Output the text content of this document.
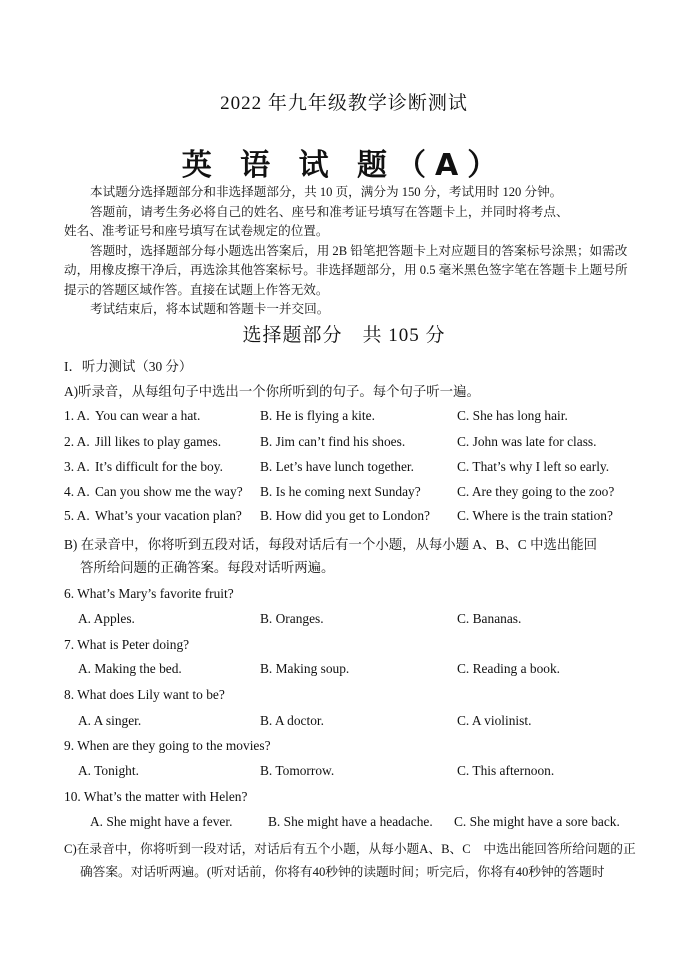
2022 年九年级教学诊断测试
英 语 试 题（A）

本试题分选择题部分和非选择题部分，共 10 页，满分为 150 分，考试用时 120 分钟。

答题前，请考生务必将自己的姓名、座号和准考证号填写在答题卡上，并同时将考点、

姓名、准考证号和座号填写在试卷规定的位置。

答题时，选择题部分每小题选出答案后，用 2B 铅笔把答题卡上对应题目的答案标号涂黑；如需改动，用橡皮擦干净后，再选涂其他答案标号。非选择题部分，用 0.5 毫米黑色签字笔在答题卡上题号所提示的答题区域作答。直接在试题上作答无效。

考试结束后，将本试题和答题卡一并交回。

选择题部分　共 105 分
I．听力测试（30 分）
A)听录音，从每组句子中选出一个你所听到的句子。每个句子听一遍。
1. A. You can wear a hat.	B. He is flying a kite.	C. She has long hair.
2. A. Jill likes to play games.	B. Jim can’t find his shoes.	C. John was late for class.
3. A. It’s difficult for the boy.	B. Let’s have lunch together.	C. That’s why I left so early.
4. A. Can you show me the way? B. Is he coming next Sunday?	C. Are they going to the zoo?
5. A. What’s your vacation plan? B. How did you get to London? C. Where is the train station?
B) 在录音中，你将听到五段对话，每段对话后有一个小题，从每小题 A、B、C 中选出能回
答所给问题的正确答案。每段对话听两遍。
6. What’s Mary’s favorite fruit?
A. Apples.	B. Oranges.	C. Bananas.
7. What is Peter doing?
A. Making the bed.	B. Making soup.	C. Reading a book.
8. What does Lily want to be?
A. A singer.	B. A doctor.	C. A violinist.
9. When are they going to the movies?
A. Tonight.	B. Tomorrow.	C. This afternoon.
10. What’s the matter with Helen?
A. She might have a fever.	B. She might have a headache. C. She might have a sore back.
C)在录音中，你将听到一段对话，对话后有五个小题，从每小题A、B、C　中选出能回答所给问题的正
确答案。对话听两遍。(听对话前，你将有40秒钟的读题时间；听完后，你将有40秒钟的答题时
